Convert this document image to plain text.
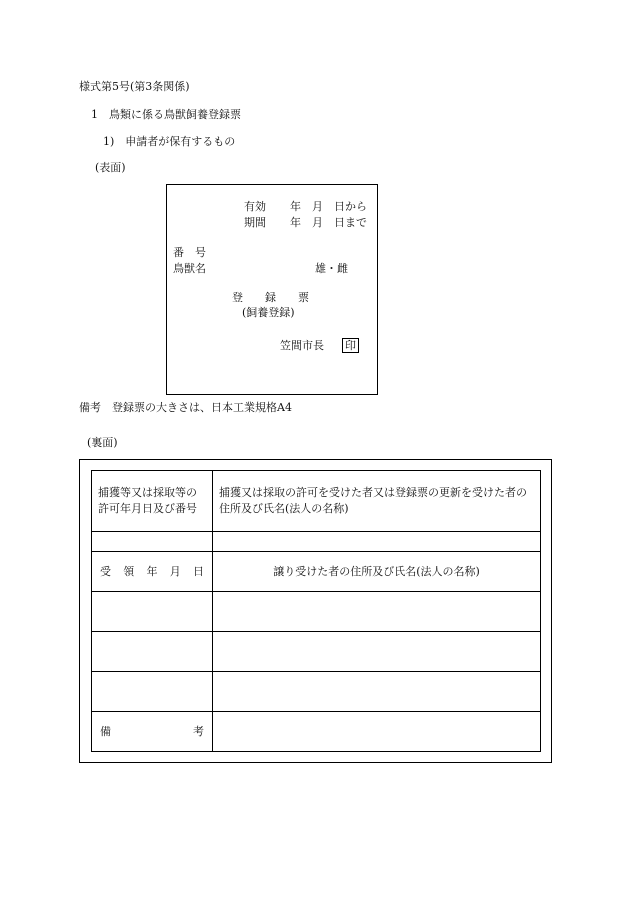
様式第5号(第3条関係)
1　鳥類に係る鳥獣飼養登録票
1)　申請者が保有するもの
(表面)
有効
期間
年　月　日から
年　月　日まで
番　号
鳥獣名	雄・雌
登　　録　　票
(飼養登録)
笠間市長 印
備考　登録票の大きさは、日本工業規格A4
(裏面)
捕獲等又は採取等の許可年月日及び番号	捕獲又は採取の許可を受けた者又は登録票の更新を受けた者の住所及び氏名(法人の名称)

受 領 年 月 日	譲り受けた者の住所及び氏名(法人の名称)

備 考	
